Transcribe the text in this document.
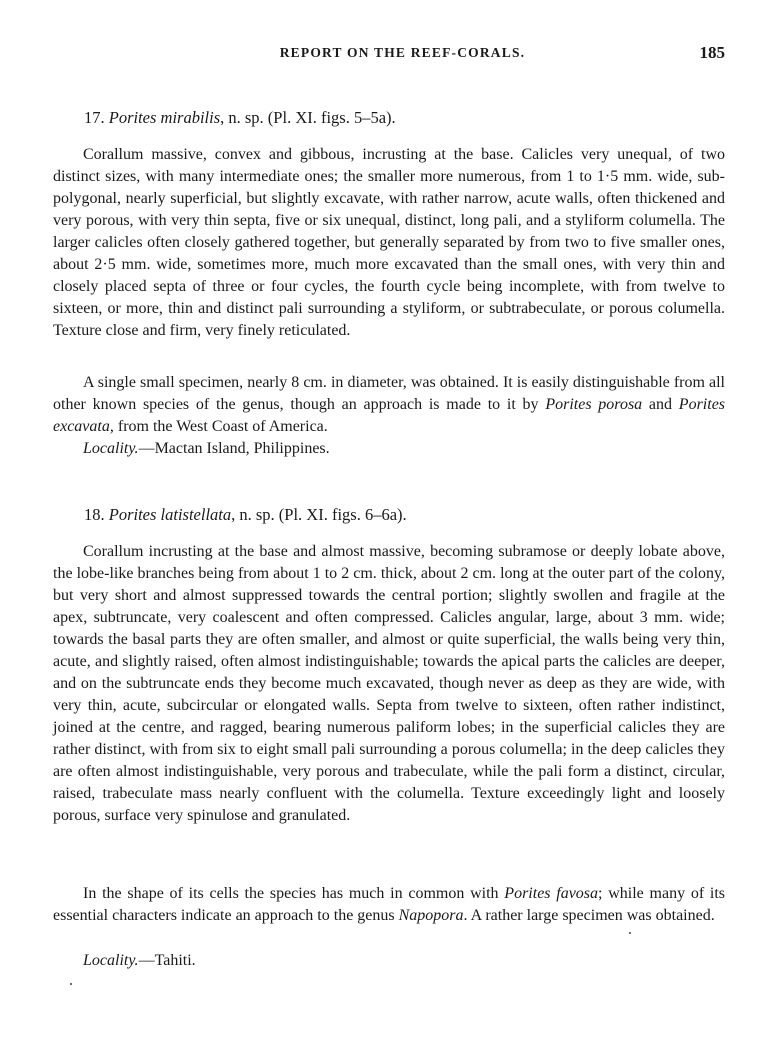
REPORT ON THE REEF-CORALS.	185
17. Porites mirabilis, n. sp. (Pl. XI. figs. 5–5a).

Corallum massive, convex and gibbous, incrusting at the base. Calicles very unequal, of two distinct sizes, with many intermediate ones; the smaller more numerous, from 1 to 1·5 mm. wide, sub-polygonal, nearly superficial, but slightly excavate, with rather narrow, acute walls, often thickened and very porous, with very thin septa, five or six unequal, distinct, long pali, and a styliform columella. The larger calicles often closely gathered together, but generally separated by from two to five smaller ones, about 2·5 mm. wide, sometimes more, much more excavated than the small ones, with very thin and closely placed septa of three or four cycles, the fourth cycle being incomplete, with from twelve to sixteen, or more, thin and distinct pali surrounding a styliform, or subtrabeculate, or porous columella. Texture close and firm, very finely reticulated.

A single small specimen, nearly 8 cm. in diameter, was obtained. It is easily distinguishable from all other known species of the genus, though an approach is made to it by Porites porosa and Porites excavata, from the West Coast of America.

Locality.—Mactan Island, Philippines.

18. Porites latistellata, n. sp. (Pl. XI. figs. 6–6a).

Corallum incrusting at the base and almost massive, becoming subramose or deeply lobate above, the lobe-like branches being from about 1 to 2 cm. thick, about 2 cm. long at the outer part of the colony, but very short and almost suppressed towards the central portion; slightly swollen and fragile at the apex, subtruncate, very coalescent and often compressed. Calicles angular, large, about 3 mm. wide; towards the basal parts they are often smaller, and almost or quite superficial, the walls being very thin, acute, and slightly raised, often almost indistinguishable; towards the apical parts the calicles are deeper, and on the subtruncate ends they become much excavated, though never as deep as they are wide, with very thin, acute, subcircular or elongated walls. Septa from twelve to sixteen, often rather indistinct, joined at the centre, and ragged, bearing numerous paliform lobes; in the superficial calicles they are rather distinct, with from six to eight small pali surrounding a porous columella; in the deep calicles they are often almost indistinguishable, very porous and trabeculate, while the pali form a distinct, circular, raised, trabeculate mass nearly confluent with the columella. Texture exceedingly light and loosely porous, surface very spinulose and granulated.

In the shape of its cells the species has much in common with Porites favosa; while many of its essential characters indicate an approach to the genus Napopora. A rather large specimen was obtained.

Locality.—Tahiti.
